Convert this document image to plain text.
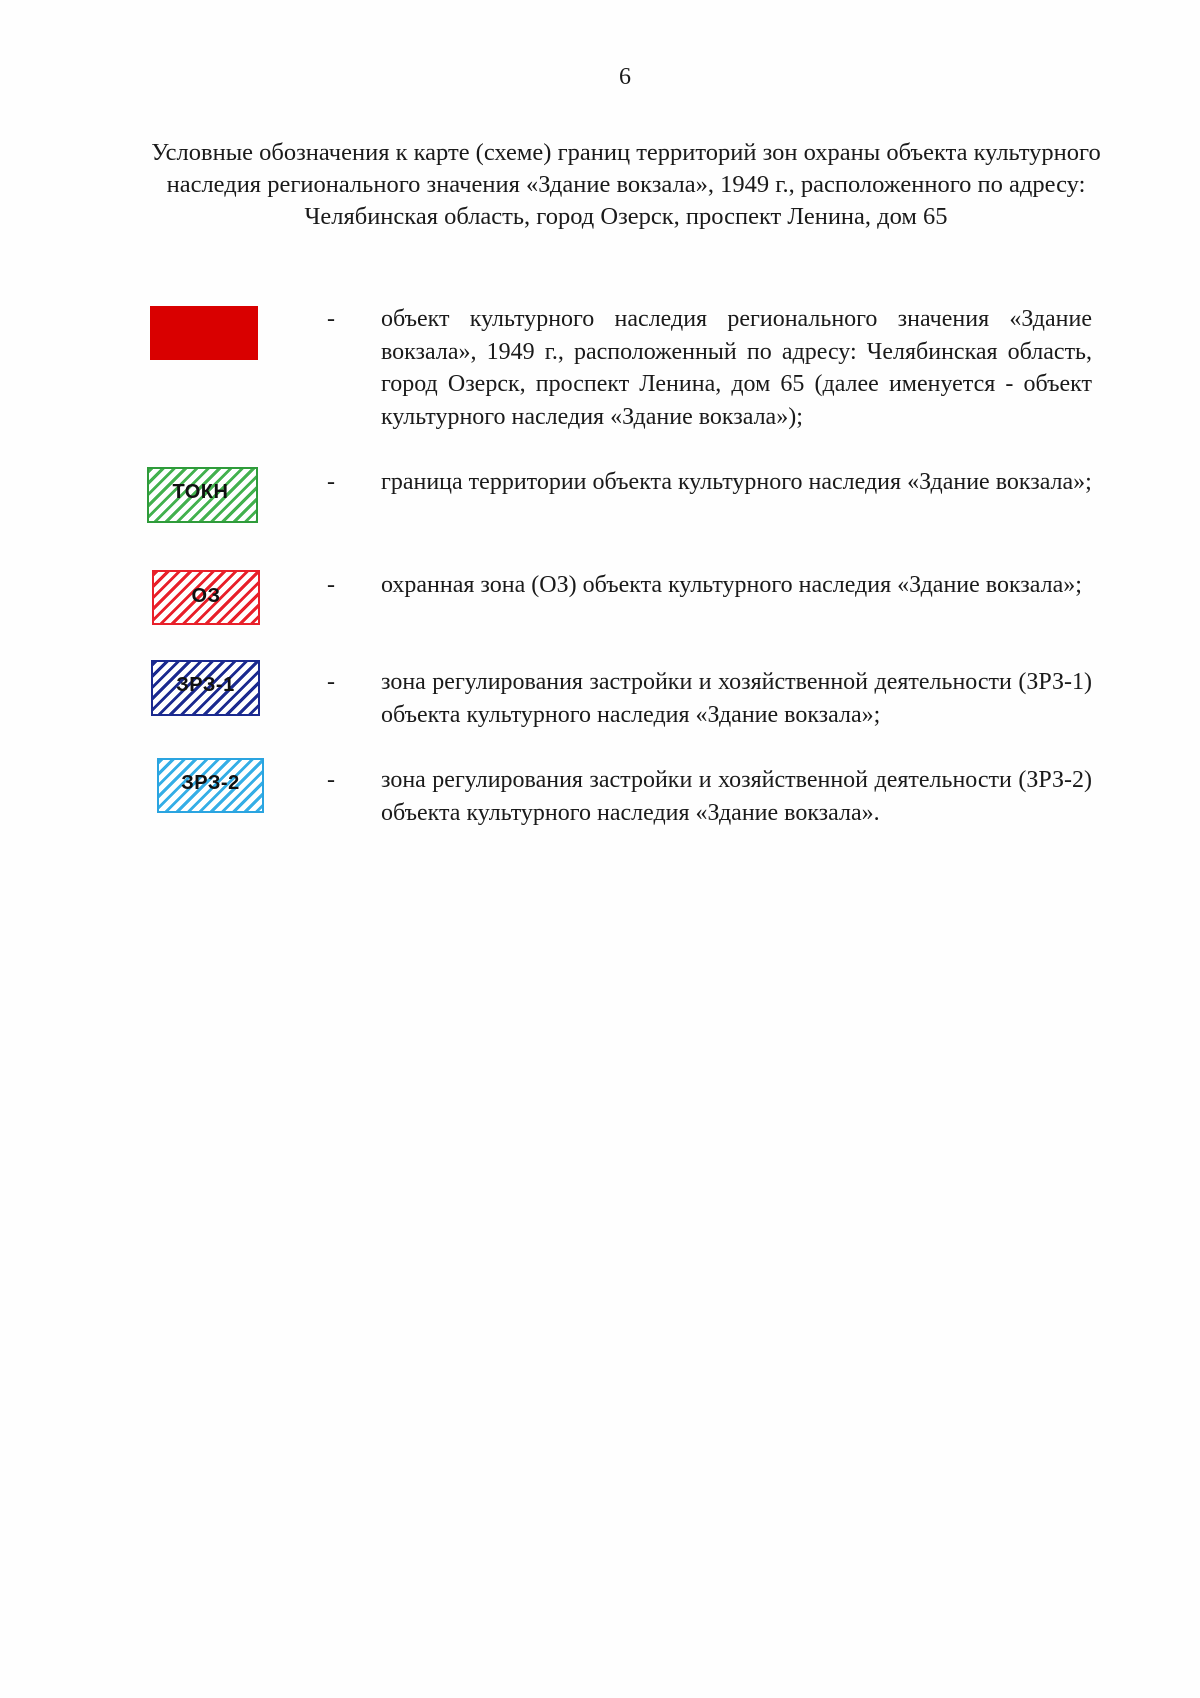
6
Условные обозначения к карте (схеме) границ территорий зон охраны объекта культурного наследия регионального значения «Здание вокзала», 1949 г., расположенного по адресу: Челябинская область, город Озерск, проспект Ленина, дом 65
- объект культурного наследия регионального значения «Здание вокзала», 1949 г., расположенный по адресу: Челябинская область, город Озерск, проспект Ленина, дом 65 (далее именуется - объект культурного наследия «Здание вокзала»);

ТОКН	- граница территории объекта культурного наследия «Здание вокзала»;

ОЗ	- охранная зона (ОЗ) объекта культурного наследия «Здание вокзала»;

ЗРЗ-1	- зона регулирования застройки и хозяйственной деятельности (ЗРЗ-1) объекта культурного наследия «Здание вокзала»;

ЗРЗ-2	- зона регулирования застройки и хозяйственной деятельности (ЗРЗ-2) объекта культурного наследия «Здание вокзала».
